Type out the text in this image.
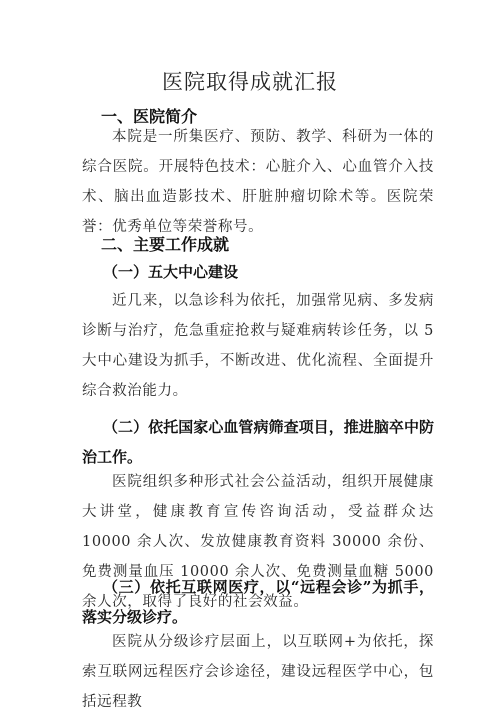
医院取得成就汇报
一、医院简介
本院是一所集医疗、预防、教学、科研为一体的综合医院。开展特色技术：心脏介入、心血管介入技术、脑出血造影技术、肝脏肿瘤切除术等。医院荣誉：优秀单位等荣誉称号。
二、主要工作成就
（一）五大中心建设
近几来，以急诊科为依托，加强常见病、多发病诊断与治疗，危急重症抢救与疑难病转诊任务，以 5 大中心建设为抓手，不断改进、优化流程、全面提升综合救治能力。
（二）依托国家心血管病筛查项目，推进脑卒中防治工作。
医院组织多种形式社会公益活动，组织开展健康大讲堂，健康教育宣传咨询活动，受益群众达 10000 余人次、发放健康教育资料 30000 余份、免费测量血压 10000 余人次、免费测量血糖 5000 余人次，取得了良好的社会效益。
（三）依托互联网医疗，以“远程会诊”为抓手，落实分级诊疗。
医院从分级诊疗层面上，以互联网+为依托，探索互联网远程医疗会诊途径，建设远程医学中心，包括远程教
